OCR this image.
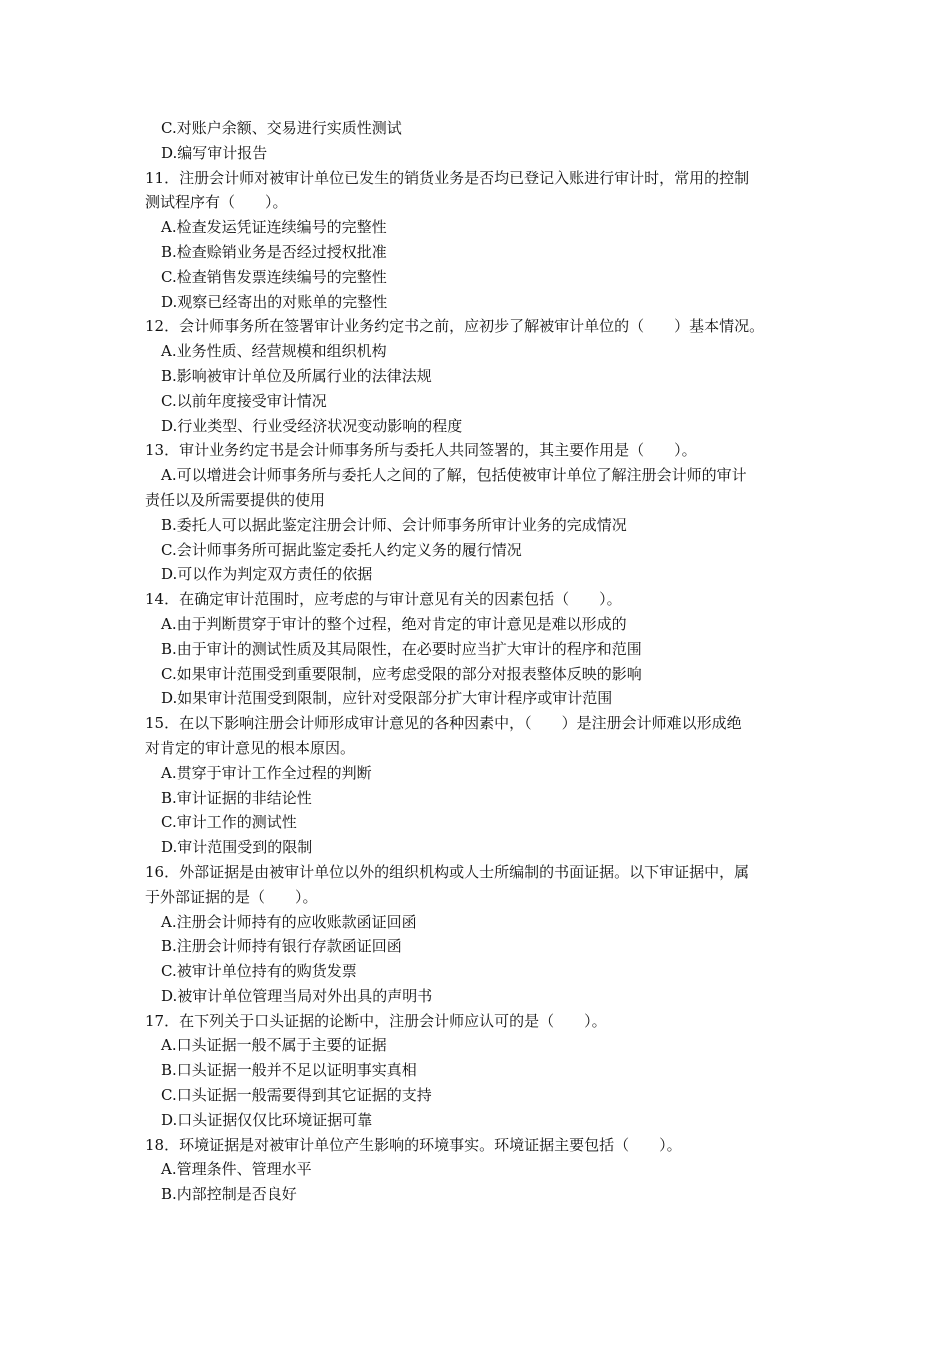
C.对账户余额、交易进行实质性测试
D.编写审计报告
11．注册会计师对被审计单位已发生的销货业务是否均已登记入账进行审计时，常用的控制
测试程序有（　　）。
A.检查发运凭证连续编号的完整性
B.检查赊销业务是否经过授权批准
C.检查销售发票连续编号的完整性
D.观察已经寄出的对账单的完整性
12．会计师事务所在签署审计业务约定书之前，应初步了解被审计单位的（　　）基本情况。
A.业务性质、经营规模和组织机构
B.影响被审计单位及所属行业的法律法规
C.以前年度接受审计情况
D.行业类型、行业受经济状况变动影响的程度
13．审计业务约定书是会计师事务所与委托人共同签署的，其主要作用是（　　）。
A.可以增进会计师事务所与委托人之间的了解，包括使被审计单位了解注册会计师的审计
责任以及所需要提供的使用
B.委托人可以据此鉴定注册会计师、会计师事务所审计业务的完成情况
C.会计师事务所可据此鉴定委托人约定义务的履行情况
D.可以作为判定双方责任的依据
14．在确定审计范围时，应考虑的与审计意见有关的因素包括（　　）。
A.由于判断贯穿于审计的整个过程，绝对肯定的审计意见是难以形成的
B.由于审计的测试性质及其局限性，在必要时应当扩大审计的程序和范围
C.如果审计范围受到重要限制，应考虑受限的部分对报表整体反映的影响
D.如果审计范围受到限制，应针对受限部分扩大审计程序或审计范围
15．在以下影响注册会计师形成审计意见的各种因素中，（　　）是注册会计师难以形成绝
对肯定的审计意见的根本原因。
A.贯穿于审计工作全过程的判断
B.审计证据的非结论性
C.审计工作的测试性
D.审计范围受到的限制
16．外部证据是由被审计单位以外的组织机构或人士所编制的书面证据。以下审证据中，属
于外部证据的是（　　）。
A.注册会计师持有的应收账款函证回函
B.注册会计师持有银行存款函证回函
C.被审计单位持有的购货发票
D.被审计单位管理当局对外出具的声明书
17．在下列关于口头证据的论断中，注册会计师应认可的是（　　）。
A.口头证据一般不属于主要的证据
B.口头证据一般并不足以证明事实真相
C.口头证据一般需要得到其它证据的支持
D.口头证据仅仅比环境证据可靠
18．环境证据是对被审计单位产生影响的环境事实。环境证据主要包括（　　）。
A.管理条件、管理水平
B.内部控制是否良好
